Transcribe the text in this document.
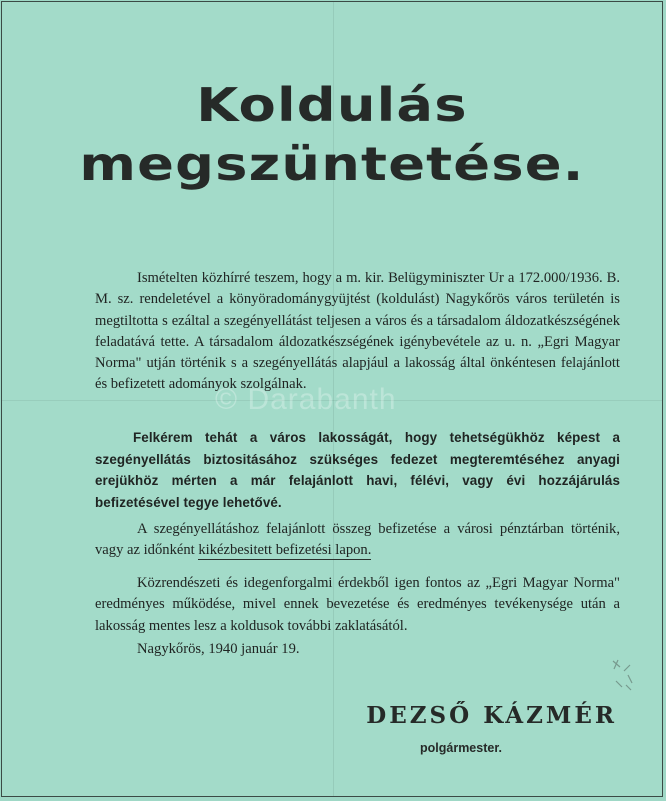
Koldulás
megszüntetése.
Ismételten közhírré teszem, hogy a m. kir. Belügyminiszter Ur a 172.000/1936. B. M. sz. rendeletével a könyöradománygyüjtést (koldulást) Nagykőrös város területén is megtiltotta s ezáltal a szegényellátást teljesen a város és a társadalom áldozatkészségének feladatává tette. A társadalom áldozatkészségének igénybevétele az u. n. „Egri Magyar Norma" utján történik s a szegényellátás alapjául a lakosság által önkéntesen felajánlott és befizetett adományok szolgálnak.
© Darabanth
Felkérem tehát a város lakosságát, hogy tehetségükhöz képest a szegényellátás biztositásához szükséges fedezet megteremtéséhez anyagi erejükhöz mérten a már felajánlott havi, félévi, vagy évi hozzájárulás befizetésével tegye lehetővé.
A szegényellátáshoz felajánlott összeg befizetése a városi pénztárban történik, vagy az időnként kikézbesitett befizetési lapon.
Közrendészeti és idegenforgalmi érdekből igen fontos az „Egri Magyar Norma" eredményes működése, mivel ennek bevezetése és eredményes tevékenysége után a lakosság mentes lesz a koldusok további zaklatásától.
Nagykőrös, 1940 január 19.
DEZSŐ KÁZMÉR
polgármester.
